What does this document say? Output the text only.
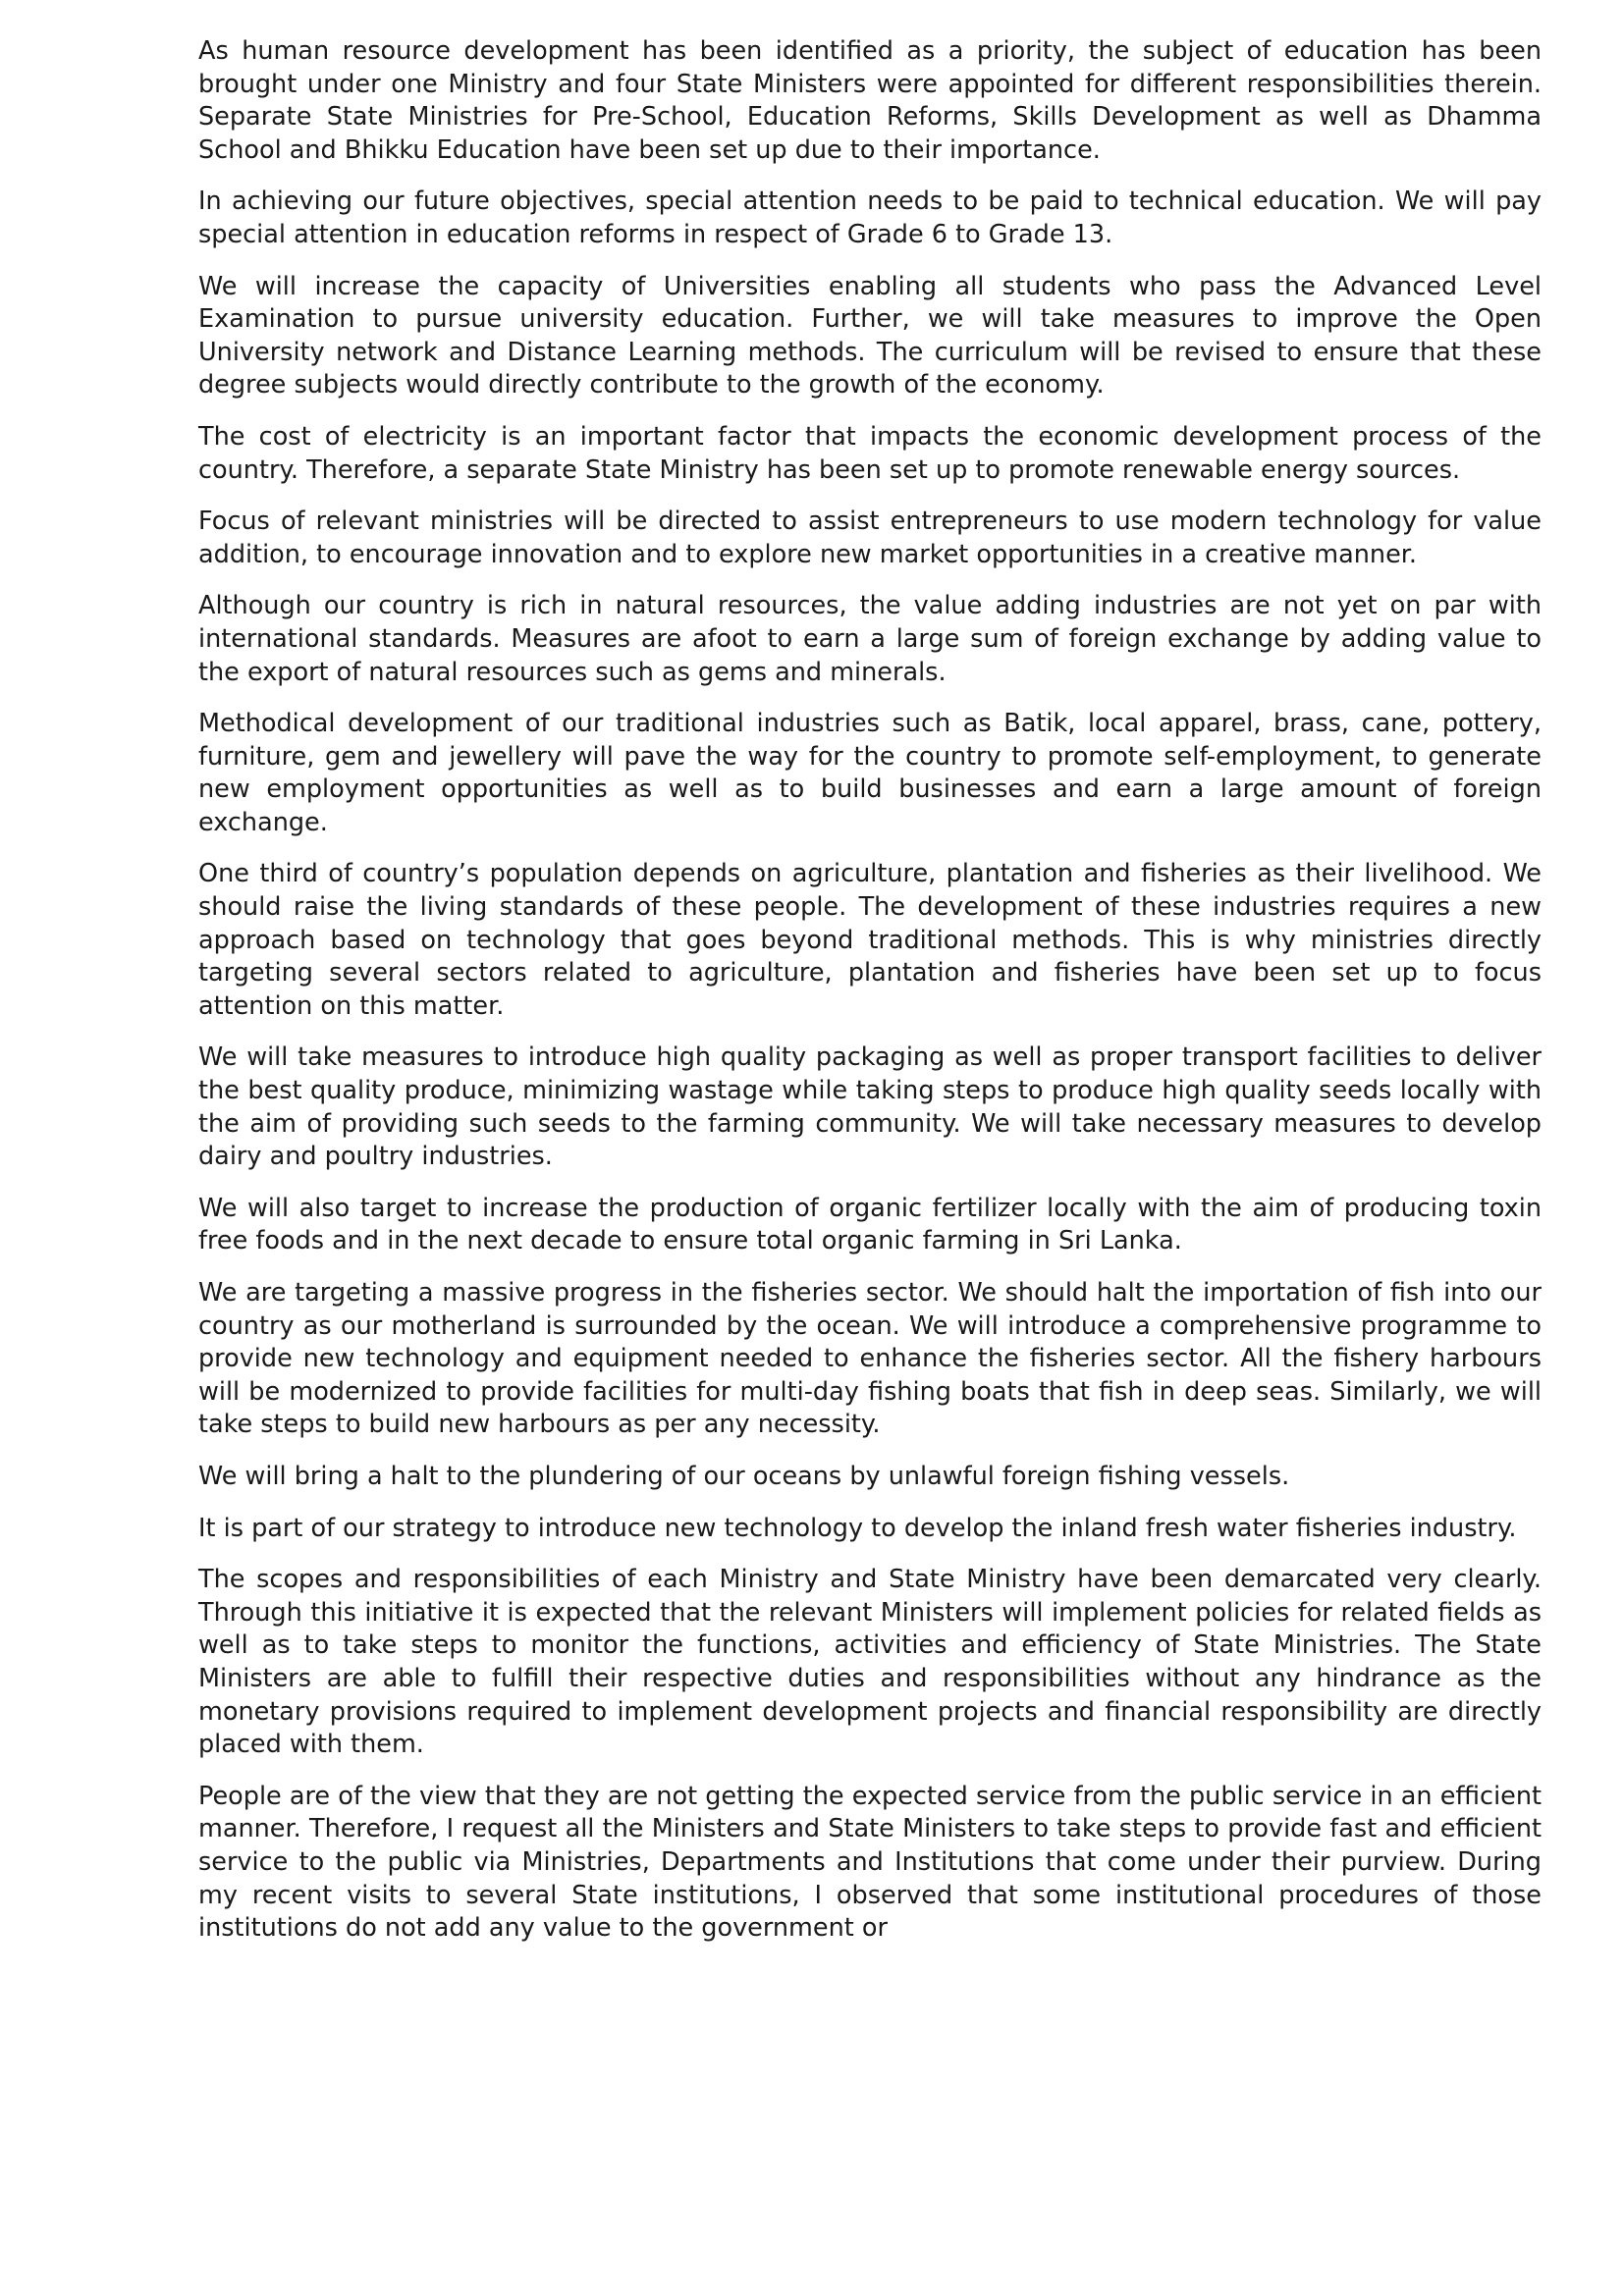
As human resource development has been identified as a priority, the subject of education has been brought under one Ministry and four State Ministers were appointed for different responsibilities therein. Separate State Ministries for Pre-School, Education Reforms, Skills Development as well as Dhamma School and Bhikku Education have been set up due to their importance.

In achieving our future objectives, special attention needs to be paid to technical education. We will pay special attention in education reforms in respect of Grade 6 to Grade 13.

We will increase the capacity of Universities enabling all students who pass the Advanced Level Examination to pursue university education. Further, we will take measures to improve the Open University network and Distance Learning methods. The curriculum will be revised to ensure that these degree subjects would directly contribute to the growth of the economy.

The cost of electricity is an important factor that impacts the economic development process of the country. Therefore, a separate State Ministry has been set up to promote renewable energy sources.

Focus of relevant ministries will be directed to assist entrepreneurs to use modern technology for value addition, to encourage innovation and to explore new market opportunities in a creative manner.

Although our country is rich in natural resources, the value adding industries are not yet on par with international standards. Measures are afoot to earn a large sum of foreign exchange by adding value to the export of natural resources such as gems and minerals.

Methodical development of our traditional industries such as Batik, local apparel, brass, cane, pottery, furniture, gem and jewellery will pave the way for the country to promote self-employment, to generate new employment opportunities as well as to build businesses and earn a large amount of foreign exchange.

One third of country’s population depends on agriculture, plantation and fisheries as their livelihood. We should raise the living standards of these people. The development of these industries requires a new approach based on technology that goes beyond traditional methods. This is why ministries directly targeting several sectors related to agriculture, plantation and fisheries have been set up to focus attention on this matter.

We will take measures to introduce high quality packaging as well as proper transport facilities to deliver the best quality produce, minimizing wastage while taking steps to produce high quality seeds locally with the aim of providing such seeds to the farming community. We will take necessary measures to develop dairy and poultry industries.

We will also target to increase the production of organic fertilizer locally with the aim of producing toxin free foods and in the next decade to ensure total organic farming in Sri Lanka.

We are targeting a massive progress in the fisheries sector. We should halt the importation of fish into our country as our motherland is surrounded by the ocean. We will introduce a comprehensive programme to provide new technology and equipment needed to enhance the fisheries sector. All the fishery harbours will be modernized to provide facilities for multi-day fishing boats that fish in deep seas. Similarly, we will take steps to build new harbours as per any necessity.

We will bring a halt to the plundering of our oceans by unlawful foreign fishing vessels.

It is part of our strategy to introduce new technology to develop the inland fresh water fisheries industry.

The scopes and responsibilities of each Ministry and State Ministry have been demarcated very clearly. Through this initiative it is expected that the relevant Ministers will implement policies for related fields as well as to take steps to monitor the functions, activities and efficiency of State Ministries. The State Ministers are able to fulfill their respective duties and responsibilities without any hindrance as the monetary provisions required to implement development projects and financial responsibility are directly placed with them.

People are of the view that they are not getting the expected service from the public service in an efficient manner. Therefore, I request all the Ministers and State Ministers to take steps to provide fast and efficient service to the public via Ministries, Departments and Institutions that come under their purview. During my recent visits to several State institutions, I observed that some institutional procedures of those institutions do not add any value to the government or
